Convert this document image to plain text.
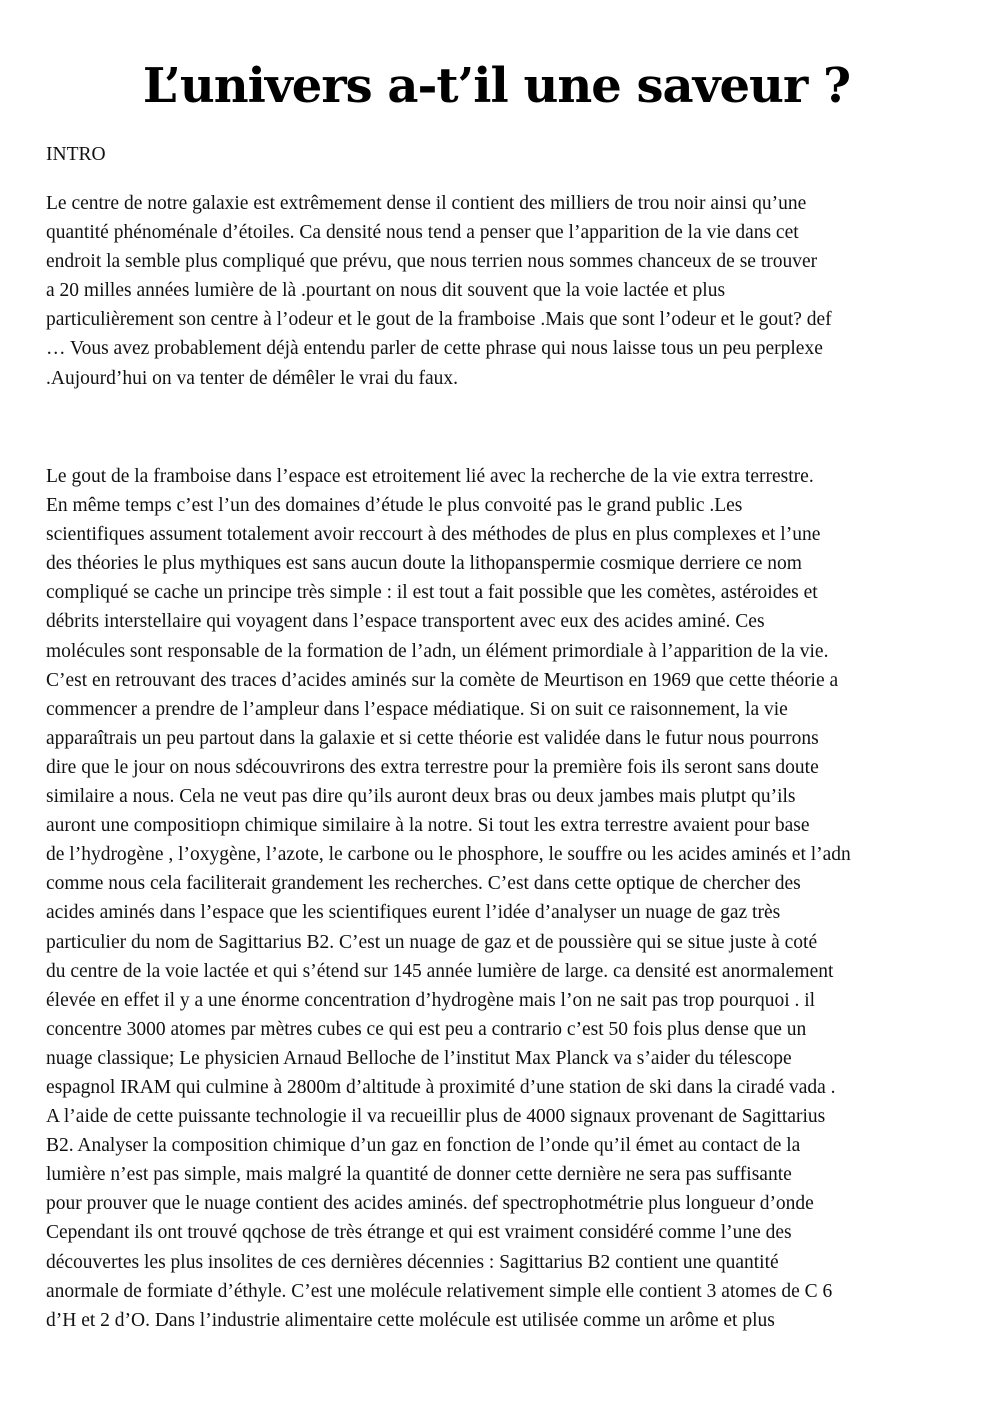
L’univers a-t’il une saveur ?

INTRO

Le centre de notre galaxie est extrêmement dense il contient des milliers de trou noir ainsi qu’une
quantité phénoménale d’étoiles. Ca densité nous tend a penser que l’apparition de la vie dans cet
endroit la semble plus compliqué que prévu, que nous terrien nous sommes chanceux de se trouver
a 20 milles années lumière de là .pourtant on nous dit souvent que la voie lactée et plus
particulièrement son centre à l’odeur et le gout de la framboise .Mais que sont l’odeur et le gout? def
… Vous avez probablement déjà entendu parler de cette phrase qui nous laisse tous un peu perplexe
.Aujourd’hui on va tenter de démêler le vrai du faux.
Le gout de la framboise dans l’espace est etroitement lié avec la recherche de la vie extra terrestre.
En même temps c’est l’un des domaines d’étude le plus convoité pas le grand public .Les
scientifiques assument totalement avoir reccourt à des méthodes de plus en plus complexes et l’une
des théories le plus mythiques est sans aucun doute la lithopanspermie cosmique derriere ce nom
compliqué se cache un principe très simple : il est tout a fait possible que les comètes, astéroides et
débrits interstellaire qui voyagent dans l’espace transportent avec eux des acides aminé. Ces
molécules sont responsable de la formation de l’adn, un élément primordiale à l’apparition de la vie.
C’est en retrouvant des traces d’acides aminés sur la comète de Meurtison en 1969 que cette théorie a
commencer a prendre de l’ampleur dans l’espace médiatique. Si on suit ce raisonnement, la vie
apparaîtrais un peu partout dans la galaxie et si cette théorie est validée dans le futur nous pourrons
dire que le jour on nous sdécouvrirons des extra terrestre pour la première fois ils seront sans doute
similaire a nous. Cela ne veut pas dire qu’ils auront deux bras ou deux jambes mais plutpt qu’ils
auront une compositiopn chimique similaire à la notre. Si tout les extra terrestre avaient pour base
de l’hydrogène , l’oxygène, l’azote, le carbone ou le phosphore, le souffre ou les acides aminés et l’adn
comme nous cela faciliterait grandement les recherches. C’est dans cette optique de chercher des
acides aminés dans l’espace que les scientifiques eurent l’idée d’analyser un nuage de gaz très
particulier du nom de Sagittarius B2. C’est un nuage de gaz et de poussière qui se situe juste à coté
du centre de la voie lactée et qui s’étend sur 145 année lumière de large. ca densité est anormalement
élevée en effet il y a une énorme concentration d’hydrogène mais l’on ne sait pas trop pourquoi . il
concentre 3000 atomes par mètres cubes ce qui est peu a contrario c’est 50 fois plus dense que un
nuage classique; Le physicien Arnaud Belloche de l’institut Max Planck va s’aider du télescope
espagnol IRAM qui culmine à 2800m d’altitude à proximité d’une station de ski dans la ciradé vada .
A l’aide de cette puissante technologie il va recueillir plus de 4000 signaux provenant de Sagittarius
B2. Analyser la composition chimique d’un gaz en fonction de l’onde qu’il émet au contact de la
lumière n’est pas simple, mais malgré la quantité de donner cette dernière ne sera pas suffisante
pour prouver que le nuage contient des acides aminés. def spectrophotmétrie plus longueur d’onde
Cependant ils ont trouvé qqchose de très étrange et qui est vraiment considéré comme l’une des
découvertes les plus insolites de ces dernières décennies : Sagittarius B2 contient une quantité
anormale de formiate d’éthyle. C’est une molécule relativement simple elle contient 3 atomes de C 6
d’H et 2 d’O. Dans l’industrie alimentaire cette molécule est utilisée comme un arôme et plus
